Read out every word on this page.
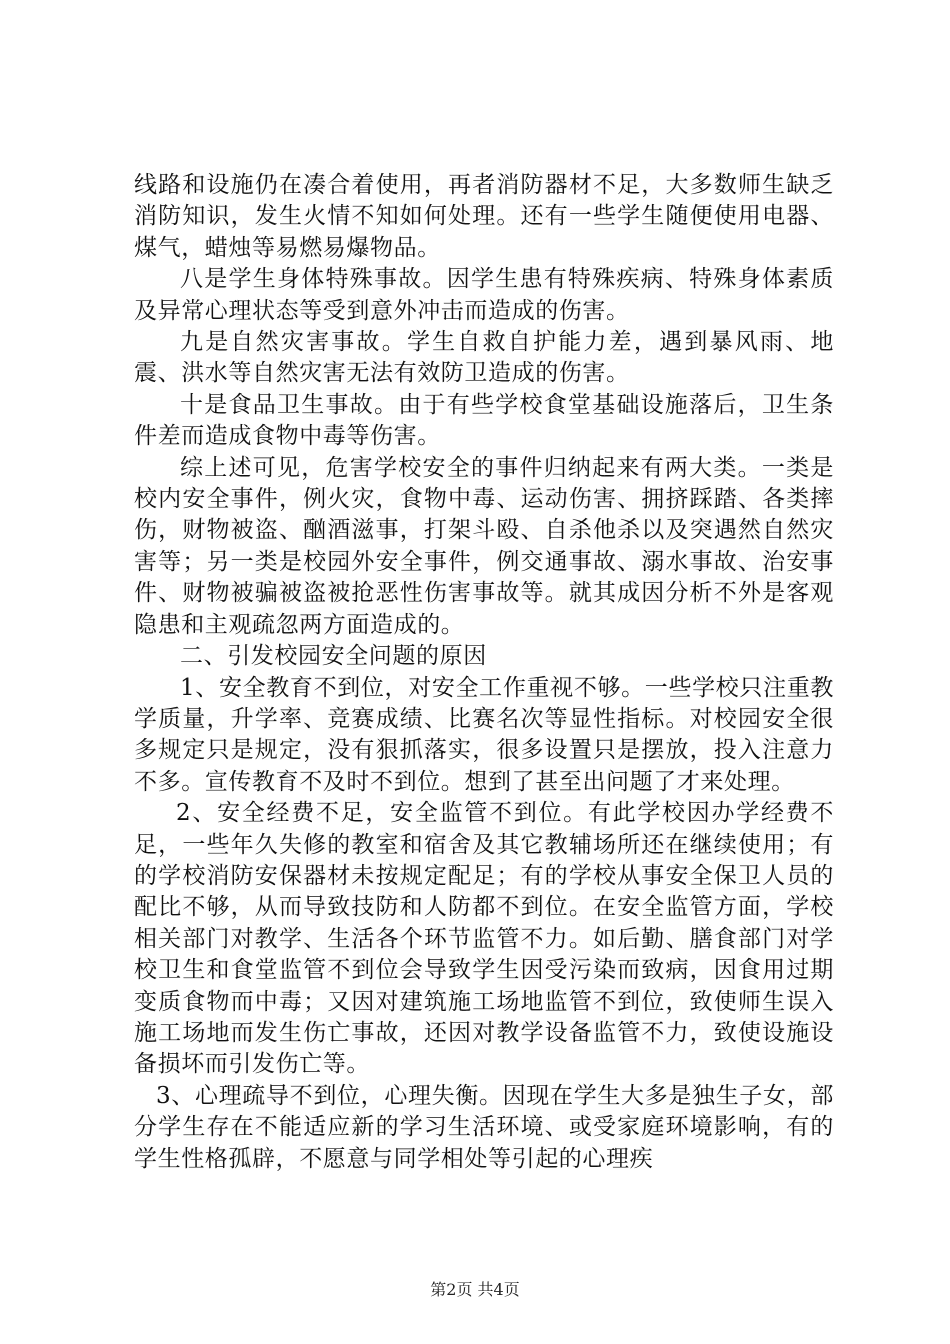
线路和设施仍在凑合着使用，再者消防器材不足，大多数师生缺乏消防知识，发生火情不知如何处理。还有一些学生随便使用电器、煤气，蜡烛等易燃易爆物品。

八是学生身体特殊事故。因学生患有特殊疾病、特殊身体素质及异常心理状态等受到意外冲击而造成的伤害。

九是自然灾害事故。学生自救自护能力差，遇到暴风雨、地震、洪水等自然灾害无法有效防卫造成的伤害。

十是食品卫生事故。由于有些学校食堂基础设施落后，卫生条件差而造成食物中毒等伤害。

综上述可见，危害学校安全的事件归纳起来有两大类。一类是校内安全事件，例火灾，食物中毒、运动伤害、拥挤踩踏、各类摔伤，财物被盗、酗酒滋事，打架斗殴、自杀他杀以及突遇然自然灾害等；另一类是校园外安全事件，例交通事故、溺水事故、治安事件、财物被骗被盗被抢恶性伤害事故等。就其成因分析不外是客观隐患和主观疏忽两方面造成的。

二、引发校园安全问题的原因

1、安全教育不到位，对安全工作重视不够。一些学校只注重教学质量，升学率、竞赛成绩、比赛名次等显性指标。对校园安全很多规定只是规定，没有狠抓落实，很多设置只是摆放，投入注意力不多。宣传教育不及时不到位。想到了甚至出问题了才来处理。

2、安全经费不足，安全监管不到位。有此学校因办学经费不足，一些年久失修的教室和宿舍及其它教辅场所还在继续使用；有的学校消防安保器材未按规定配足；有的学校从事安全保卫人员的配比不够，从而导致技防和人防都不到位。在安全监管方面，学校相关部门对教学、生活各个环节监管不力。如后勤、膳食部门对学校卫生和食堂监管不到位会导致学生因受污染而致病，因食用过期变质食物而中毒；又因对建筑施工场地监管不到位，致使师生误入施工场地而发生伤亡事故，还因对教学设备监管不力，致使设施设备损坏而引发伤亡等。

3、心理疏导不到位，心理失衡。因现在学生大多是独生子女，部分学生存在不能适应新的学习生活环境、或受家庭环境影响，有的学生性格孤辟，不愿意与同学相处等引起的心理疾

第2页 共4页
